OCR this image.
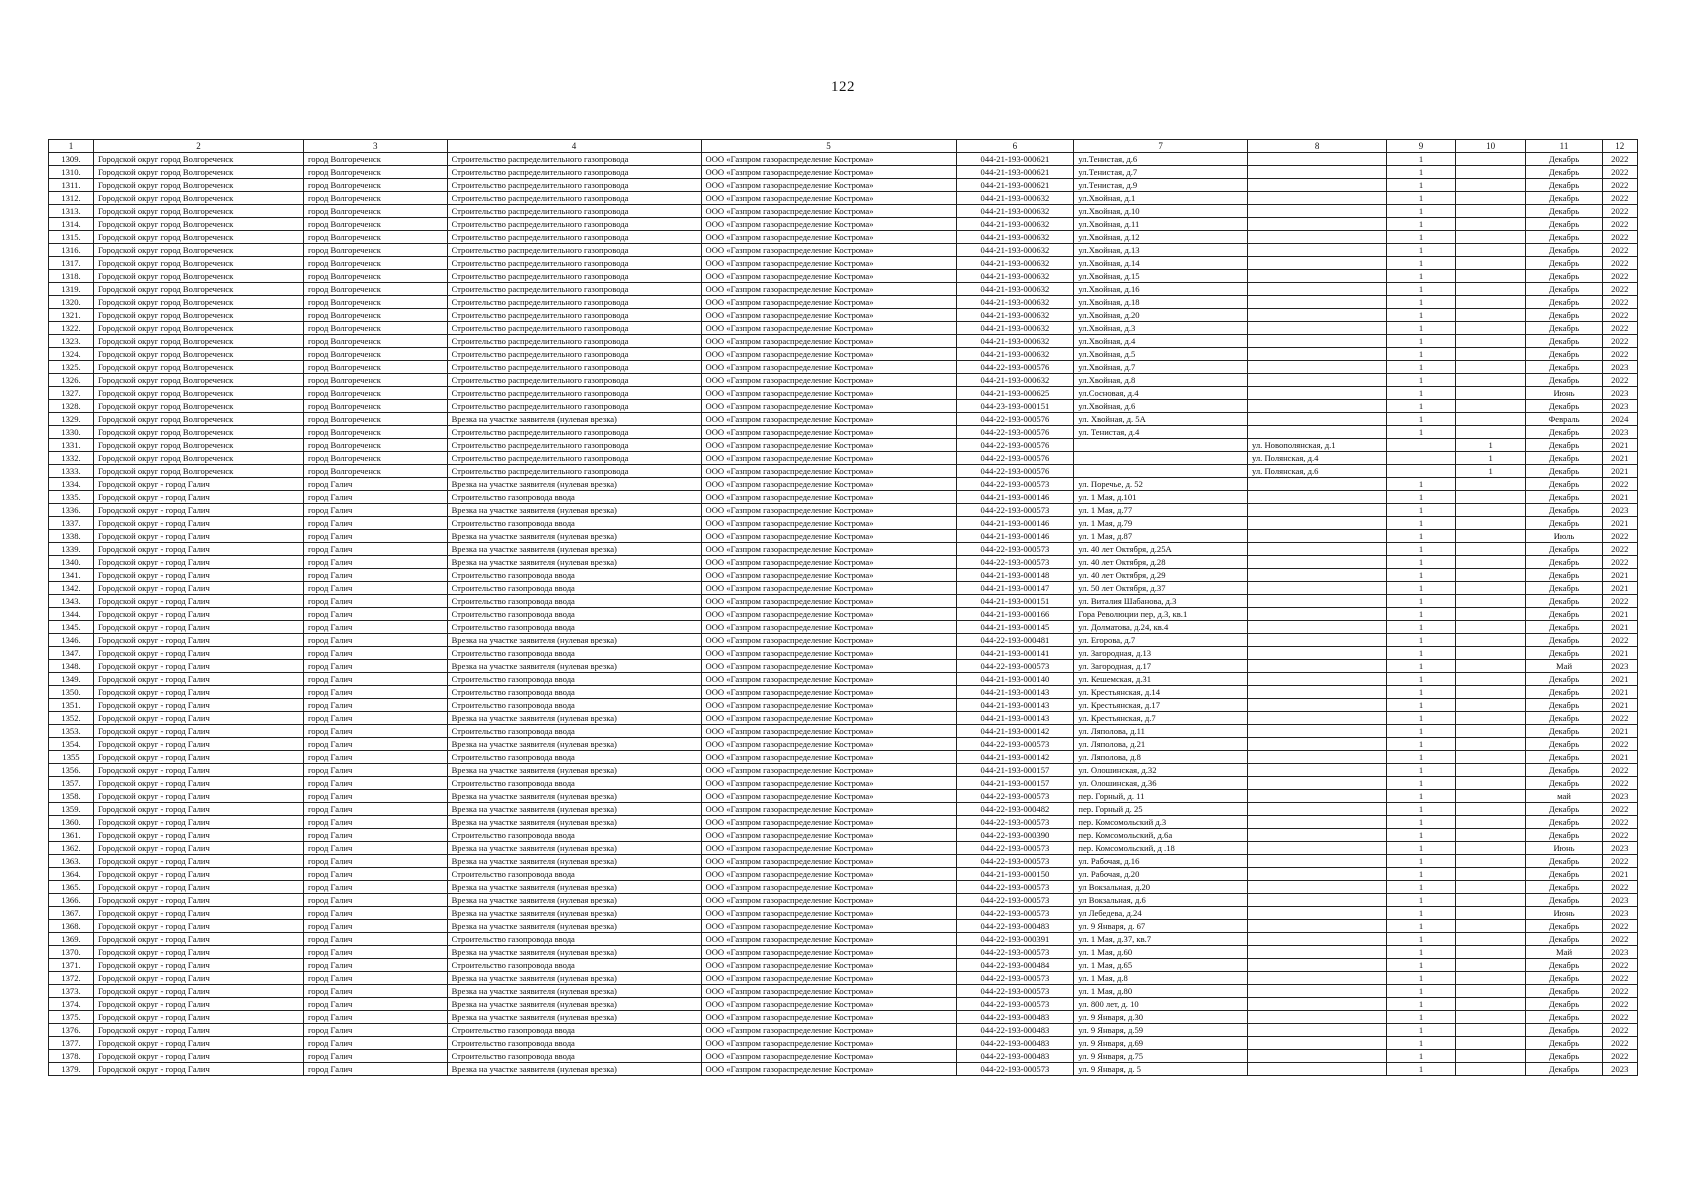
122
1	2	3	4	5	6	7	8	9	10	11	12
1309.	Городской округ город Волгореченск	город Волгореченск	Строительство распределительного газопровода	ООО «Газпром газораспределение Кострома»	044-21-193-000621	ул.Тенистая, д.6		1		Декабрь	2022
1310.	Городской округ город Волгореченск	город Волгореченск	Строительство распределительного газопровода	ООО «Газпром газораспределение Кострома»	044-21-193-000621	ул.Тенистая, д.7		1		Декабрь	2022
1311.	Городской округ город Волгореченск	город Волгореченск	Строительство распределительного газопровода	ООО «Газпром газораспределение Кострома»	044-21-193-000621	ул.Тенистая, д.9		1		Декабрь	2022
1312.	Городской округ город Волгореченск	город Волгореченск	Строительство распределительного газопровода	ООО «Газпром газораспределение Кострома»	044-21-193-000632	ул.Хвойная, д.1		1		Декабрь	2022
1313.	Городской округ город Волгореченск	город Волгореченск	Строительство распределительного газопровода	ООО «Газпром газораспределение Кострома»	044-21-193-000632	ул.Хвойная, д.10		1		Декабрь	2022
1314.	Городской округ город Волгореченск	город Волгореченск	Строительство распределительного газопровода	ООО «Газпром газораспределение Кострома»	044-21-193-000632	ул.Хвойная, д.11		1		Декабрь	2022
1315.	Городской округ город Волгореченск	город Волгореченск	Строительство распределительного газопровода	ООО «Газпром газораспределение Кострома»	044-21-193-000632	ул.Хвойная, д.12		1		Декабрь	2022
1316.	Городской округ город Волгореченск	город Волгореченск	Строительство распределительного газопровода	ООО «Газпром газораспределение Кострома»	044-21-193-000632	ул.Хвойная, д.13		1		Декабрь	2022
1317.	Городской округ город Волгореченск	город Волгореченск	Строительство распределительного газопровода	ООО «Газпром газораспределение Кострома»	044-21-193-000632	ул.Хвойная, д.14		1		Декабрь	2022
1318.	Городской округ город Волгореченск	город Волгореченск	Строительство распределительного газопровода	ООО «Газпром газораспределение Кострома»	044-21-193-000632	ул.Хвойная, д.15		1		Декабрь	2022
1319.	Городской округ город Волгореченск	город Волгореченск	Строительство распределительного газопровода	ООО «Газпром газораспределение Кострома»	044-21-193-000632	ул.Хвойная, д.16		1		Декабрь	2022
1320.	Городской округ город Волгореченск	город Волгореченск	Строительство распределительного газопровода	ООО «Газпром газораспределение Кострома»	044-21-193-000632	ул.Хвойная, д.18		1		Декабрь	2022
1321.	Городской округ город Волгореченск	город Волгореченск	Строительство распределительного газопровода	ООО «Газпром газораспределение Кострома»	044-21-193-000632	ул.Хвойная, д.20		1		Декабрь	2022
1322.	Городской округ город Волгореченск	город Волгореченск	Строительство распределительного газопровода	ООО «Газпром газораспределение Кострома»	044-21-193-000632	ул.Хвойная, д.3		1		Декабрь	2022
1323.	Городской округ город Волгореченск	город Волгореченск	Строительство распределительного газопровода	ООО «Газпром газораспределение Кострома»	044-21-193-000632	ул.Хвойная, д.4		1		Декабрь	2022
1324.	Городской округ город Волгореченск	город Волгореченск	Строительство распределительного газопровода	ООО «Газпром газораспределение Кострома»	044-21-193-000632	ул.Хвойная, д.5		1		Декабрь	2022
1325.	Городской округ город Волгореченск	город Волгореченск	Строительство распределительного газопровода	ООО «Газпром газораспределение Кострома»	044-22-193-000576	ул.Хвойная, д.7		1		Декабрь	2023
1326.	Городской округ город Волгореченск	город Волгореченск	Строительство распределительного газопровода	ООО «Газпром газораспределение Кострома»	044-21-193-000632	ул.Хвойная, д.8		1		Декабрь	2022
1327.	Городской округ город Волгореченск	город Волгореченск	Строительство распределительного газопровода	ООО «Газпром газораспределение Кострома»	044-21-193-000625	ул.Сосновая, д.4		1		Июнь	2023
1328.	Городской округ город Волгореченск	город Волгореченск	Строительство распределительного газопровода	ООО «Газпром газораспределение Кострома»	044-23-193-000151	ул.Хвойная, д.6		1		Декабрь	2023
1329.	Городской округ город Волгореченск	город Волгореченск	Врезка на участке заявителя (нулевая врезка)	ООО «Газпром газораспределение Кострома»	044-22-193-000576	ул. Хвойная, д. 5А		1		Февраль	2024
1330.	Городской округ город Волгореченск	город Волгореченск	Строительство распределительного газопровода	ООО «Газпром газораспределение Кострома»	044-22-193-000576	ул. Тенистая, д.4		1		Декабрь	2023
1331.	Городской округ город Волгореченск	город Волгореченск	Строительство распределительного газопровода	ООО «Газпром газораспределение Кострома»	044-22-193-000576		ул. Новополянская, д.1		1	Декабрь	2021
1332.	Городской округ город Волгореченск	город Волгореченск	Строительство распределительного газопровода	ООО «Газпром газораспределение Кострома»	044-22-193-000576		ул. Полянская, д.4		1	Декабрь	2021
1333.	Городской округ город Волгореченск	город Волгореченск	Строительство распределительного газопровода	ООО «Газпром газораспределение Кострома»	044-22-193-000576		ул. Полянская, д.6		1	Декабрь	2021
1334.	Городской округ - город Галич	город Галич	Врезка на участке заявителя (нулевая врезка)	ООО «Газпром газораспределение Кострома»	044-22-193-000573	ул. Поречье, д. 52		1		Декабрь	2022
1335.	Городской округ - город Галич	город Галич	Строительство газопровода ввода	ООО «Газпром газораспределение Кострома»	044-21-193-000146	ул. 1 Мая, д.101		1		Декабрь	2021
1336.	Городской округ - город Галич	город Галич	Врезка на участке заявителя (нулевая врезка)	ООО «Газпром газораспределение Кострома»	044-22-193-000573	ул. 1 Мая, д.77		1		Декабрь	2023
1337.	Городской округ - город Галич	город Галич	Строительство газопровода ввода	ООО «Газпром газораспределение Кострома»	044-21-193-000146	ул. 1 Мая, д.79		1		Декабрь	2021
1338.	Городской округ - город Галич	город Галич	Врезка на участке заявителя (нулевая врезка)	ООО «Газпром газораспределение Кострома»	044-21-193-000146	ул. 1 Мая, д.87		1		Июль	2022
1339.	Городской округ - город Галич	город Галич	Врезка на участке заявителя (нулевая врезка)	ООО «Газпром газораспределение Кострома»	044-22-193-000573	ул. 40 лет Октября, д.25А		1		Декабрь	2022
1340.	Городской округ - город Галич	город Галич	Врезка на участке заявителя (нулевая врезка)	ООО «Газпром газораспределение Кострома»	044-22-193-000573	ул. 40 лет Октября, д.28		1		Декабрь	2022
1341.	Городской округ - город Галич	город Галич	Строительство газопровода ввода	ООО «Газпром газораспределение Кострома»	044-21-193-000148	ул. 40 лет Октября, д.29		1		Декабрь	2021
1342.	Городской округ - город Галич	город Галич	Строительство газопровода ввода	ООО «Газпром газораспределение Кострома»	044-21-193-000147	ул. 50 лет Октября, д.37		1		Декабрь	2021
1343.	Городской округ - город Галич	город Галич	Строительство газопровода ввода	ООО «Газпром газораспределение Кострома»	044-21-193-000151	ул. Виталия Шабанова, д.3		1		Декабрь	2022
1344.	Городской округ - город Галич	город Галич	Строительство газопровода ввода	ООО «Газпром газораспределение Кострома»	044-21-193-000166	Гора Революции пер, д.3, кв.1		1		Декабрь	2021
1345.	Городской округ - город Галич	город Галич	Строительство газопровода ввода	ООО «Газпром газораспределение Кострома»	044-21-193-000145	ул. Долматова, д.24, кв.4		1		Декабрь	2021
1346.	Городской округ - город Галич	город Галич	Врезка на участке заявителя (нулевая врезка)	ООО «Газпром газораспределение Кострома»	044-22-193-000481	ул. Егорова, д.7		1		Декабрь	2022
1347.	Городской округ - город Галич	город Галич	Строительство газопровода ввода	ООО «Газпром газораспределение Кострома»	044-21-193-000141	ул. Загородная, д.13		1		Декабрь	2021
1348.	Городской округ - город Галич	город Галич	Врезка на участке заявителя (нулевая врезка)	ООО «Газпром газораспределение Кострома»	044-22-193-000573	ул. Загородная, д.17		1		Май	2023
1349.	Городской округ - город Галич	город Галич	Строительство газопровода ввода	ООО «Газпром газораспределение Кострома»	044-21-193-000140	ул. Кешемская, д.31		1		Декабрь	2021
1350.	Городской округ - город Галич	город Галич	Строительство газопровода ввода	ООО «Газпром газораспределение Кострома»	044-21-193-000143	ул. Крестьянская, д.14		1		Декабрь	2021
1351.	Городской округ - город Галич	город Галич	Строительство газопровода ввода	ООО «Газпром газораспределение Кострома»	044-21-193-000143	ул. Крестьянская, д.17		1		Декабрь	2021
1352.	Городской округ - город Галич	город Галич	Врезка на участке заявителя (нулевая врезка)	ООО «Газпром газораспределение Кострома»	044-21-193-000143	ул. Крестьянская, д.7		1		Декабрь	2022
1353.	Городской округ - город Галич	город Галич	Строительство газопровода ввода	ООО «Газпром газораспределение Кострома»	044-21-193-000142	ул. Ляполова, д.11		1		Декабрь	2021
1354.	Городской округ - город Галич	город Галич	Врезка на участке заявителя (нулевая врезка)	ООО «Газпром газораспределение Кострома»	044-22-193-000573	ул. Ляполова, д.21		1		Декабрь	2022
1355	Городской округ - город Галич	город Галич	Строительство газопровода ввода	ООО «Газпром газораспределение Кострома»	044-21-193-000142	ул. Ляполова, д.8		1		Декабрь	2021
1356.	Городской округ - город Галич	город Галич	Врезка на участке заявителя (нулевая врезка)	ООО «Газпром газораспределение Кострома»	044-21-193-000157	ул. Олошинская, д.32		1		Декабрь	2022
1357.	Городской округ - город Галич	город Галич	Строительство газопровода ввода	ООО «Газпром газораспределение Кострома»	044-21-193-000157	ул. Олошинская, д.36		1		Декабрь	2022
1358.	Городской округ - город Галич	город Галич	Врезка на участке заявителя (нулевая врезка)	ООО «Газпром газораспределение Кострома»	044-22-193-000573	пер. Горный, д. 11		1		май	2023
1359.	Городской округ - город Галич	город Галич	Врезка на участке заявителя (нулевая врезка)	ООО «Газпром газораспределение Кострома»	044-22-193-000482	пер. Горный д. 25		1		Декабрь	2022
1360.	Городской округ - город Галич	город Галич	Врезка на участке заявителя (нулевая врезка)	ООО «Газпром газораспределение Кострома»	044-22-193-000573	пер. Комсомольский д.3		1		Декабрь	2022
1361.	Городской округ - город Галич	город Галич	Строительство газопровода ввода	ООО «Газпром газораспределение Кострома»	044-22-193-000390	пер. Комсомольский, д.6а		1		Декабрь	2022
1362.	Городской округ - город Галич	город Галич	Врезка на участке заявителя (нулевая врезка)	ООО «Газпром газораспределение Кострома»	044-22-193-000573	пер. Комсомольский, д .18		1		Июнь	2023
1363.	Городской округ - город Галич	город Галич	Врезка на участке заявителя (нулевая врезка)	ООО «Газпром газораспределение Кострома»	044-22-193-000573	ул. Рабочая, д.16		1		Декабрь	2022
1364.	Городской округ - город Галич	город Галич	Строительство газопровода ввода	ООО «Газпром газораспределение Кострома»	044-21-193-000150	ул. Рабочая, д.20		1		Декабрь	2021
1365.	Городской округ - город Галич	город Галич	Врезка на участке заявителя (нулевая врезка)	ООО «Газпром газораспределение Кострома»	044-22-193-000573	ул Вокзальная, д.20		1		Декабрь	2022
1366.	Городской округ - город Галич	город Галич	Врезка на участке заявителя (нулевая врезка)	ООО «Газпром газораспределение Кострома»	044-22-193-000573	ул Вокзальная, д.6		1		Декабрь	2023
1367.	Городской округ - город Галич	город Галич	Врезка на участке заявителя (нулевая врезка)	ООО «Газпром газораспределение Кострома»	044-22-193-000573	ул Лебедева, д.24		1		Июнь	2023
1368.	Городской округ - город Галич	город Галич	Врезка на участке заявителя (нулевая врезка)	ООО «Газпром газораспределение Кострома»	044-22-193-000483	ул. 9 Января, д. 67		1		Декабрь	2022
1369.	Городской округ - город Галич	город Галич	Строительство газопровода ввода	ООО «Газпром газораспределение Кострома»	044-22-193-000391	ул. 1 Мая, д.37, кв.7		1		Декабрь	2022
1370.	Городской округ - город Галич	город Галич	Врезка на участке заявителя (нулевая врезка)	ООО «Газпром газораспределение Кострома»	044-22-193-000573	ул. 1 Мая, д.60		1		Май	2023
1371.	Городской округ - город Галич	город Галич	Строительство газопровода ввода	ООО «Газпром газораспределение Кострома»	044-22-193-000484	ул. 1 Мая, д.65		1		Декабрь	2022
1372.	Городской округ - город Галич	город Галич	Врезка на участке заявителя (нулевая врезка)	ООО «Газпром газораспределение Кострома»	044-22-193-000573	ул. 1 Мая, д.8		1		Декабрь	2022
1373.	Городской округ - город Галич	город Галич	Врезка на участке заявителя (нулевая врезка)	ООО «Газпром газораспределение Кострома»	044-22-193-000573	ул. 1 Мая, д.80		1		Декабрь	2022
1374.	Городской округ - город Галич	город Галич	Врезка на участке заявителя (нулевая врезка)	ООО «Газпром газораспределение Кострома»	044-22-193-000573	ул. 800 лет, д. 10		1		Декабрь	2022
1375.	Городской округ - город Галич	город Галич	Врезка на участке заявителя (нулевая врезка)	ООО «Газпром газораспределение Кострома»	044-22-193-000483	ул. 9 Января, д.30		1		Декабрь	2022
1376.	Городской округ - город Галич	город Галич	Строительство газопровода ввода	ООО «Газпром газораспределение Кострома»	044-22-193-000483	ул. 9 Января, д.59		1		Декабрь	2022
1377.	Городской округ - город Галич	город Галич	Строительство газопровода ввода	ООО «Газпром газораспределение Кострома»	044-22-193-000483	ул. 9 Января, д.69		1		Декабрь	2022
1378.	Городской округ - город Галич	город Галич	Строительство газопровода ввода	ООО «Газпром газораспределение Кострома»	044-22-193-000483	ул. 9 Января, д.75		1		Декабрь	2022
1379.	Городской округ - город Галич	город Галич	Врезка на участке заявителя (нулевая врезка)	ООО «Газпром газораспределение Кострома»	044-22-193-000573	ул. 9 Января, д. 5		1		Декабрь	2023
